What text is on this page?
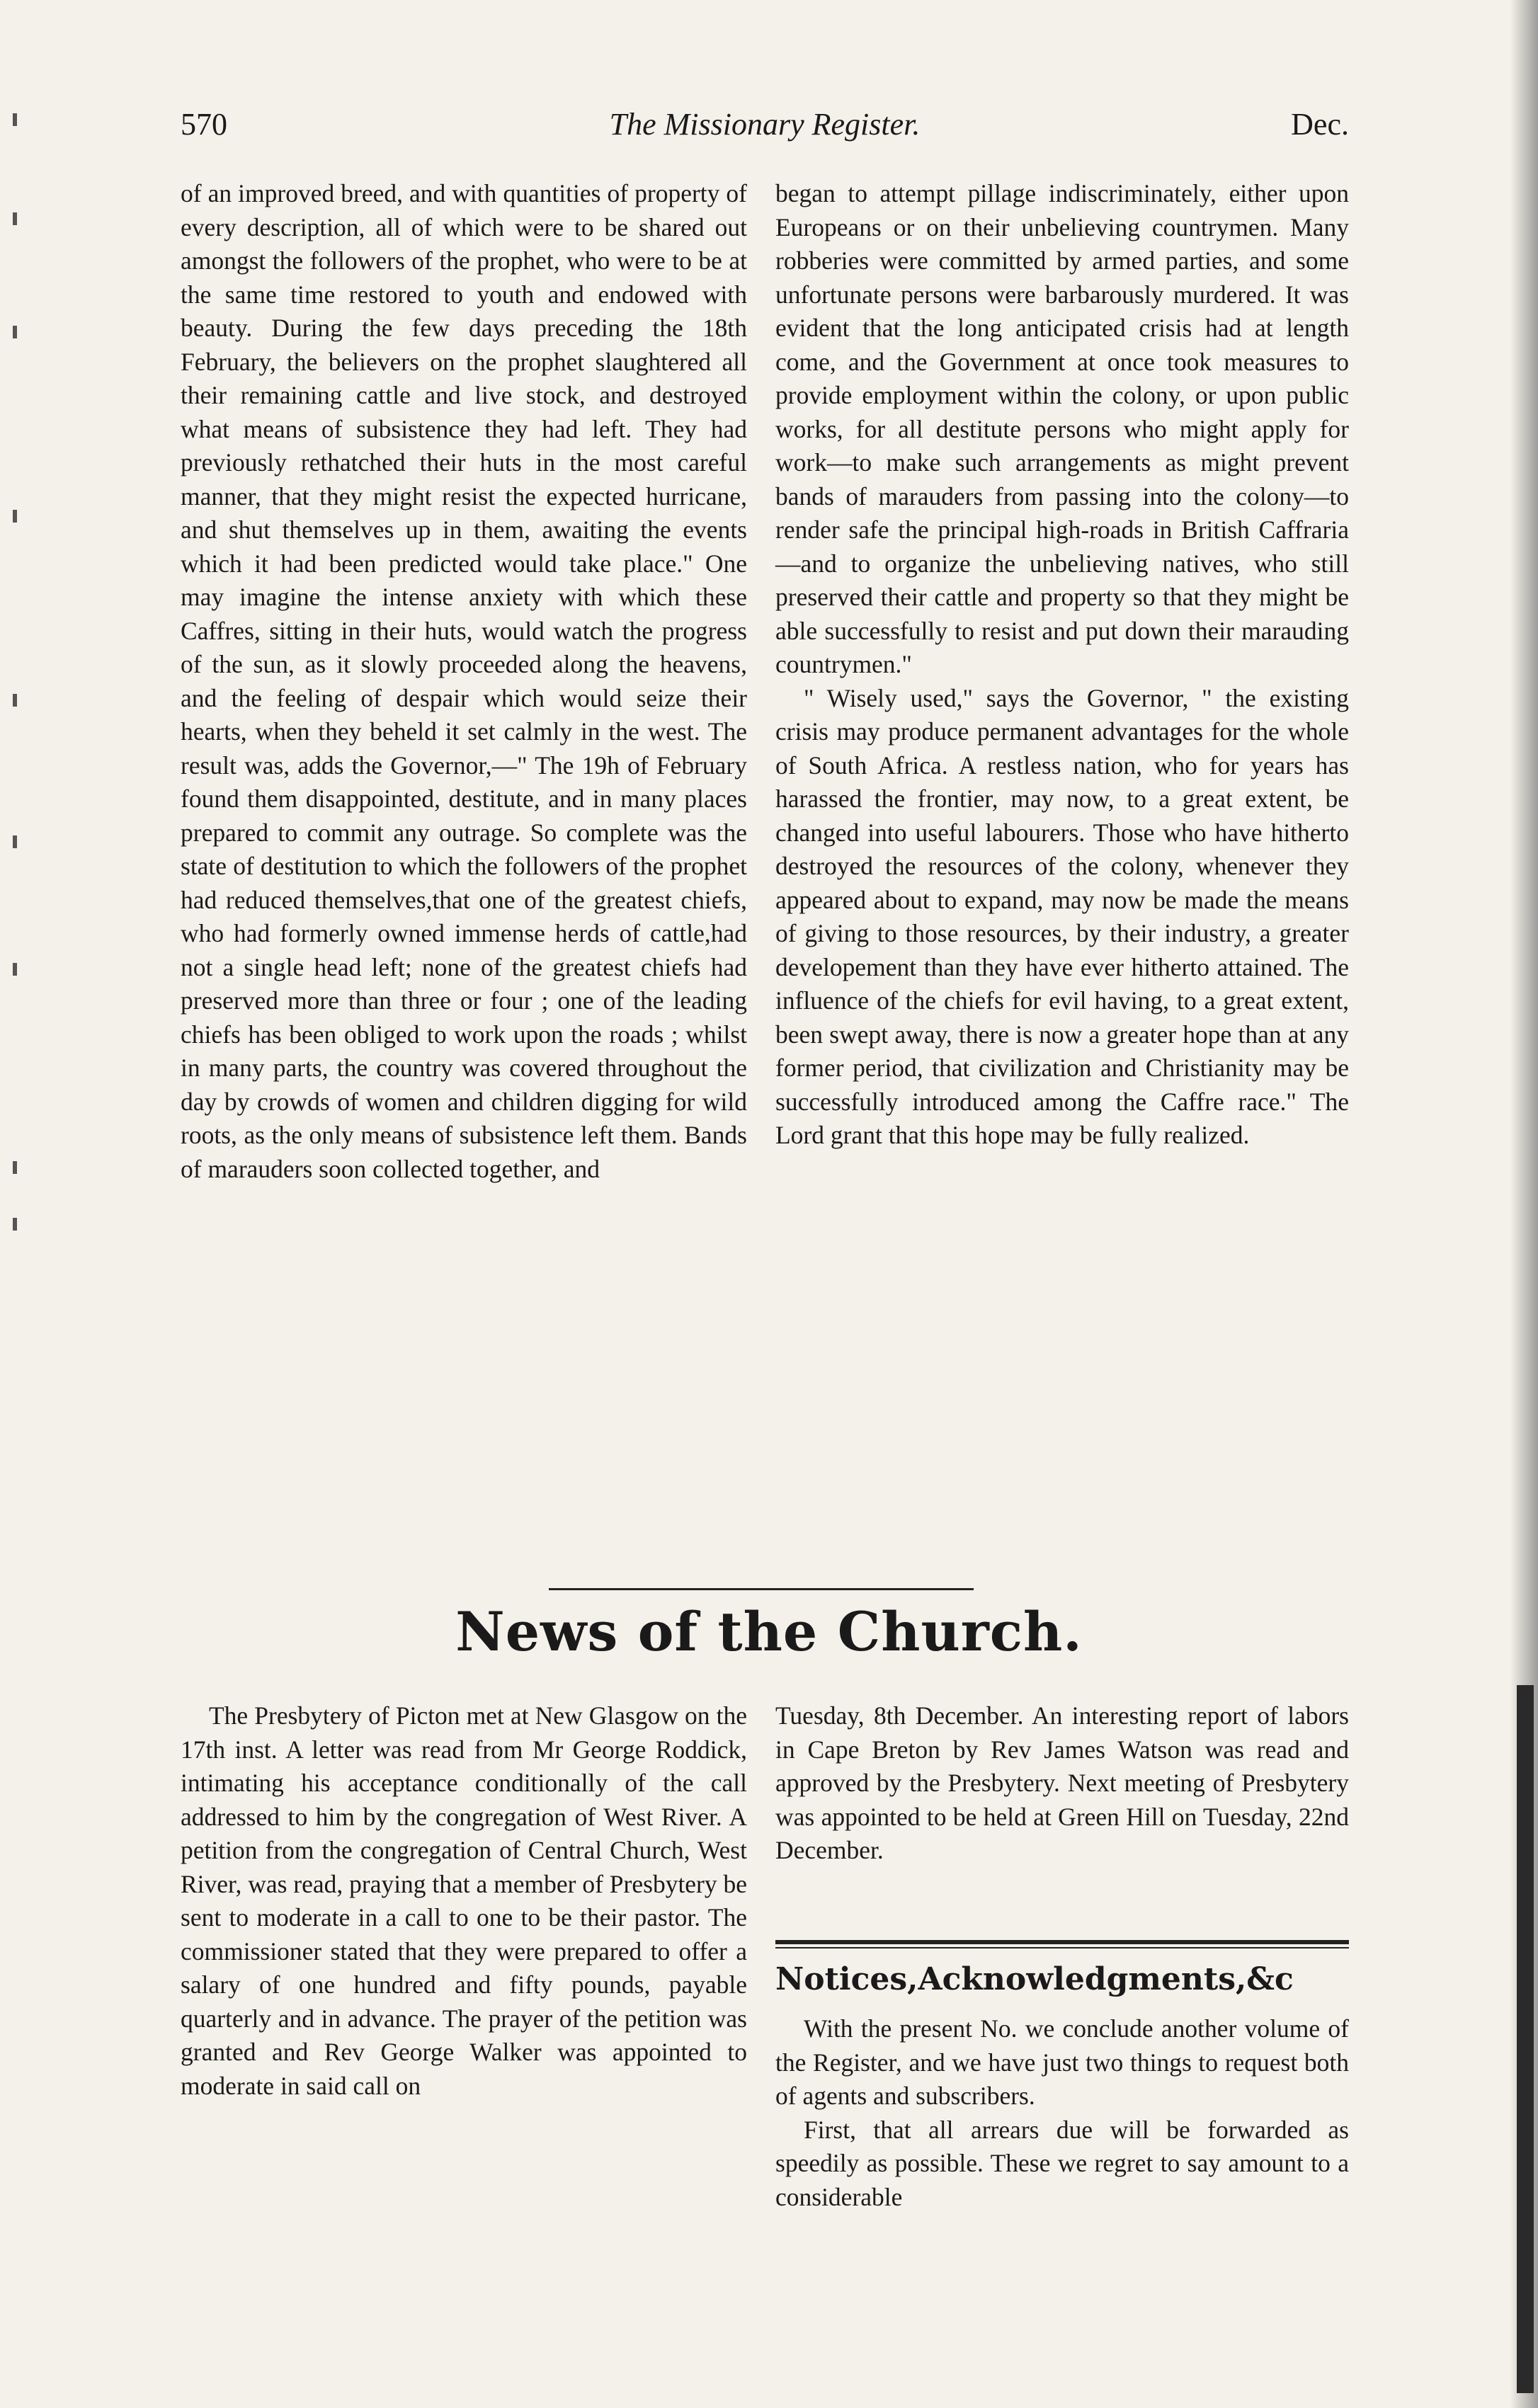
570	The Missionary Register.	Dec.

of an improved breed, and with quantities of property of every description, all of which were to be shared out amongst the followers of the prophet, who were to be at the same time restored to youth and endowed with beauty. During the few days preceding the 18th February, the believers on the prophet slaughtered all their remaining cattle and live stock, and destroyed what means of subsistence they had left. They had previously rethatched their huts in the most careful manner, that they might resist the expected hurricane, and shut themselves up in them, awaiting the events which it had been predicted would take place." One may imagine the intense anxiety with which these Caffres, sitting in their huts, would watch the progress of the sun, as it slowly proceeded along the heavens, and the feeling of despair which would seize their hearts, when they beheld it set calmly in the west. The result was, adds the Governor,—" The 19h of February found them disappointed, destitute, and in many places prepared to commit any outrage. So complete was the state of destitution to which the followers of the prophet had reduced themselves,that one of the greatest chiefs, who had formerly owned immense herds of cattle,had not a single head left; none of the greatest chiefs had preserved more than three or four ; one of the leading chiefs has been obliged to work upon the roads ; whilst in many parts, the country was covered throughout the day by crowds of women and children digging for wild roots, as the only means of subsistence left them. Bands of marauders soon collected together, and

began to attempt pillage indiscriminately, either upon Europeans or on their unbelieving countrymen. Many robberies were committed by armed parties, and some unfortunate persons were barbarously murdered. It was evident that the long anticipated crisis had at length come, and the Government at once took measures to provide employment within the colony, or upon public works, for all destitute persons who might apply for work—to make such arrangements as might prevent bands of marauders from passing into the colony—to render safe the principal high-roads in British Caffraria—and to organize the unbelieving natives, who still preserved their cattle and property so that they might be able successfully to resist and put down their marauding countrymen."

" Wisely used," says the Governor, " the existing crisis may produce permanent advantages for the whole of South Africa. A restless nation, who for years has harassed the frontier, may now, to a great extent, be changed into useful labourers. Those who have hitherto destroyed the resources of the colony, whenever they appeared about to expand, may now be made the means of giving to those resources, by their industry, a greater developement than they have ever hitherto attained. The influence of the chiefs for evil having, to a great extent, been swept away, there is now a greater hope than at any former period, that civilization and Christianity may be successfully introduced among the Caffre race." The Lord grant that this hope may be fully realized.

News of the Church.

The Presbytery of Picton met at New Glasgow on the 17th inst. A letter was read from Mr George Roddick, intimating his acceptance conditionally of the call addressed to him by the congregation of West River. A petition from the congregation of Central Church, West River, was read, praying that a member of Presbytery be sent to moderate in a call to one to be their pastor. The commissioner stated that they were prepared to offer a salary of one hundred and fifty pounds, payable quarterly and in advance. The prayer of the petition was granted and Rev George Walker was appointed to moderate in said call on

Tuesday, 8th December. An interesting report of labors in Cape Breton by Rev James Watson was read and approved by the Presbytery. Next meeting of Presbytery was appointed to be held at Green Hill on Tuesday, 22nd December.

Notices,Acknowledgments,&c

With the present No. we conclude another volume of the Register, and we have just two things to request both of agents and subscribers.

First, that all arrears due will be forwarded as speedily as possible. These we regret to say amount to a considerable
